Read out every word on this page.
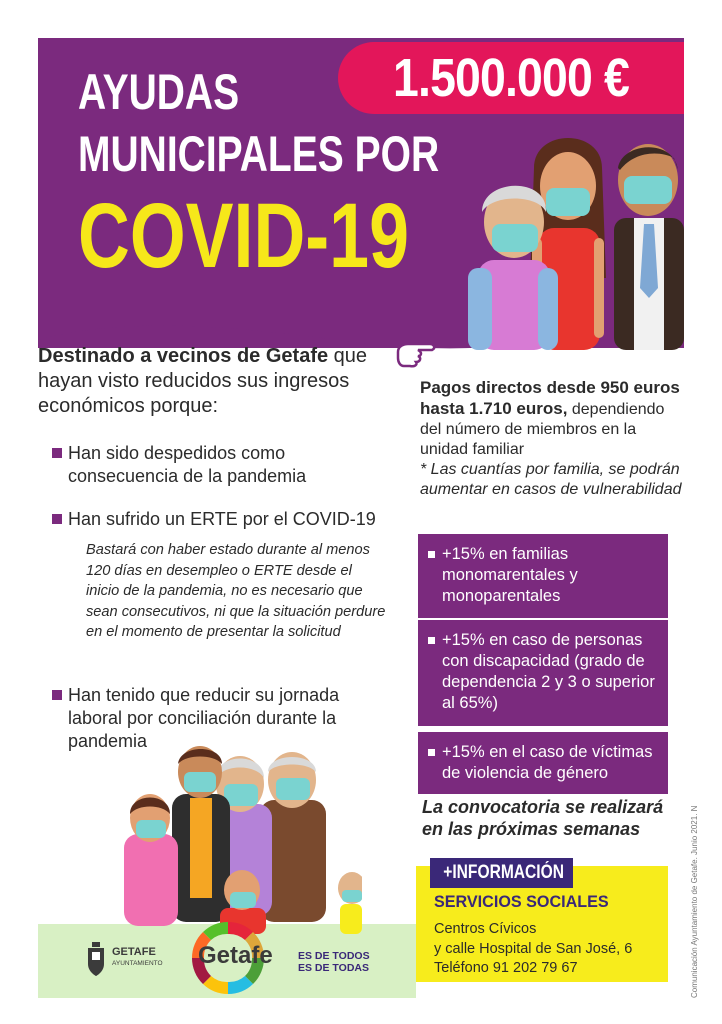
1.500.000 €
AYUDAS
MUNICIPALES POR
COVID-19
Destinado a vecinos de Getafe que hayan visto reducidos sus ingresos económicos porque:
Han sido despedidos como consecuencia de la pandemia
Han sufrido un ERTE por el COVID-19
Bastará con haber estado durante al menos 120 días en desempleo o ERTE desde el inicio de la pandemia, no es necesario que sean consecutivos, ni que la situación perdure en el momento de presentar la solicitud
Han tenido que reducir su jornada laboral por conciliación durante la pandemia
Pagos directos desde 950 euros hasta 1.710 euros, dependiendo del número de miembros en la unidad familiar
* Las cuantías por familia, se podrán aumentar en casos de vulnerabilidad
+15% en familias monomarentales y monoparentales
+15% en caso de personas con discapacidad (grado de dependencia 2 y 3 o superior al 65%)
+15% en el caso de víctimas de violencia de género
La convocatoria se realizará en las próximas semanas
+INFORMACIÓN
SERVICIOS SOCIALES
Centros Cívicos
y calle Hospital de San José, 6
Teléfono 91 202 79 67
GETAFE
AYUNTAMIENTO Getafe ES DE TODOS
ES DE TODAS	Comunicación Ayuntamiento de Getafe. Junio 2021. N
